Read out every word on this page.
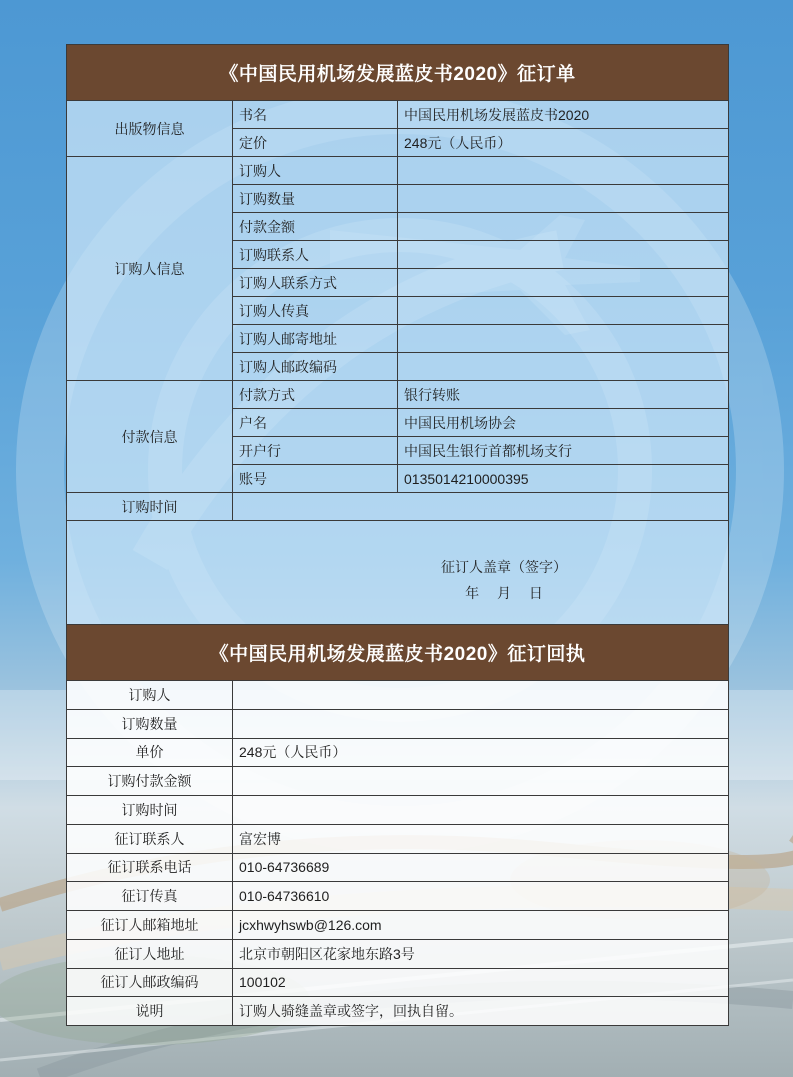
《中国民用机场发展蓝皮书2020》征订单		
出版物信息	书名	中国民用机场发展蓝皮书2020
	定价	248元（人民币）
订购人信息	订购人	
	订购数量	
	付款金额	
	订购联系人	
	订购人联系方式	
	订购人传真	
	订购人邮寄地址	
	订购人邮政编码	
付款信息	付款方式	银行转账
	户名	中国民用机场协会
	开户行	中国民生银行首都机场支行
	账号	0135014210000395
订购时间		

征订人盖章（签字）
年　 月　 日		
《中国民用机场发展蓝皮书2020》征订回执	
订购人	
订购数量	
单价	248元（人民币）
订购付款金额	
订购时间	
征订联系人	富宏博
征订联系电话	010-64736689
征订传真	010-64736610
征订人邮箱地址	jcxhwyhswb@126.com
征订人地址	北京市朝阳区花家地东路3号
征订人邮政编码	100102
说明	订购人骑缝盖章或签字，回执自留。
